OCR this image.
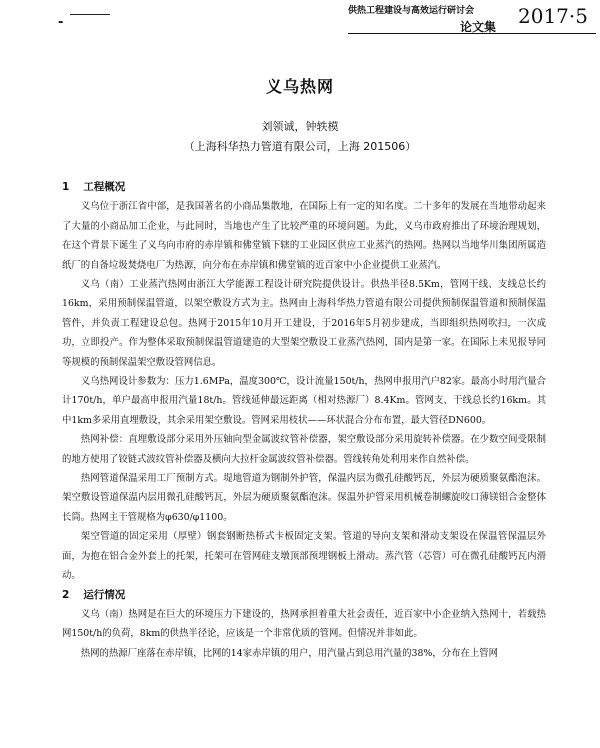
-
供热工程建设与高效运行研讨会
论文集 2017·5
义乌热网
刘领诚，钟轶模
（上海科华热力管道有限公司，上海 201506）
1 工程概况

义乌位于浙江省中部，是我国著名的小商品集散地，在国际上有一定的知名度。二十多年的发展在当地带动起来了大量的小商品加工企业，与此同时，当地也产生了比较严重的环境问题。为此，义乌市政府推出了环境治理规划，在这个背景下诞生了义乌向市府的赤岸镇和佛堂镇下辖的工业园区供应工业蒸汽的热网。热网以当地华川集团所属造纸厂的自备垃圾焚烧电厂为热源，向分布在赤岸镇和佛堂镇的近百家中小企业提供工业蒸汽。

义乌（南）工业蒸汽热网由浙江大学能源工程设计研究院提供设计。供热半径8.5Km，管网干线、支线总长约16km，采用预制保温管道，以架空敷设方式为主。热网由上海科华热力管道有限公司提供预制保温管道和预制保温管件，并负责工程建设总包。热网于2015年10月开工建设，于2016年5月初步建成，当即组织热网吹扫，一次成功，立即投产。作为整体采取预制保温管道建造的大型架空敷设工业蒸汽热网，国内是第一家。在国际上未见报导同等规模的预制保温架空敷设管网信息。

义乌热网设计参数为：压力1.6MPa，温度300℃，设计流量150t/h，热网申报用汽户82家。最高小时用汽量合计170t/h，单户最高申报用汽量18t/h。管线延伸最远距离（相对热源厂）8.4Km。管网支、干线总长约16km。其中1km多采用直埋敷设，其余采用架空敷设。管网采用枝状——环状混合分布布置，最大管径DN600。

热网补偿：直埋敷设部分采用外压轴向型金属波纹管补偿器，架空敷设部分采用旋转补偿器。在少数空间受限制的地方使用了铰链式波纹管补偿器及横向大拉杆金属波纹管补偿器。管线转角处利用来作自然补偿。

热网管道保温采用工厂预制方式。堤地管道为钢制外护管，保温内层为微孔硅酸钙瓦，外层为硬质聚氨酯泡沫。架空敷设管道保温内层用微孔硅酸钙瓦，外层为硬质聚氨酯泡沫。保温外护管采用机械卷制螺旋咬口薄镁铝合金整体长筒。热网主干管规格为φ630/φ1100。

架空管道的固定采用（厚壁）钢套钢断热桥式卡板固定支架。管道的导向支架和滑动支架设在保温管保温层外面，为抱在铝合金外套上的托架，托架可在管网硅支墩顶部预埋钢板上滑动。蒸汽管（芯管）可在微孔硅酸钙瓦内滑动。

2 运行情况

义乌（南）热网是在巨大的环境压力下建设的，热网承担着重大社会责任，近百家中小企业纳入热网十，若载热网150t/h的负荷，8km的供热半径论，应该是一个非常优质的管网。但情况并非如此。

热网的热源厂座落在赤岸镇，比网的14家赤岸镇的用户，用汽量占到总用汽量的38%，分布在上管网
